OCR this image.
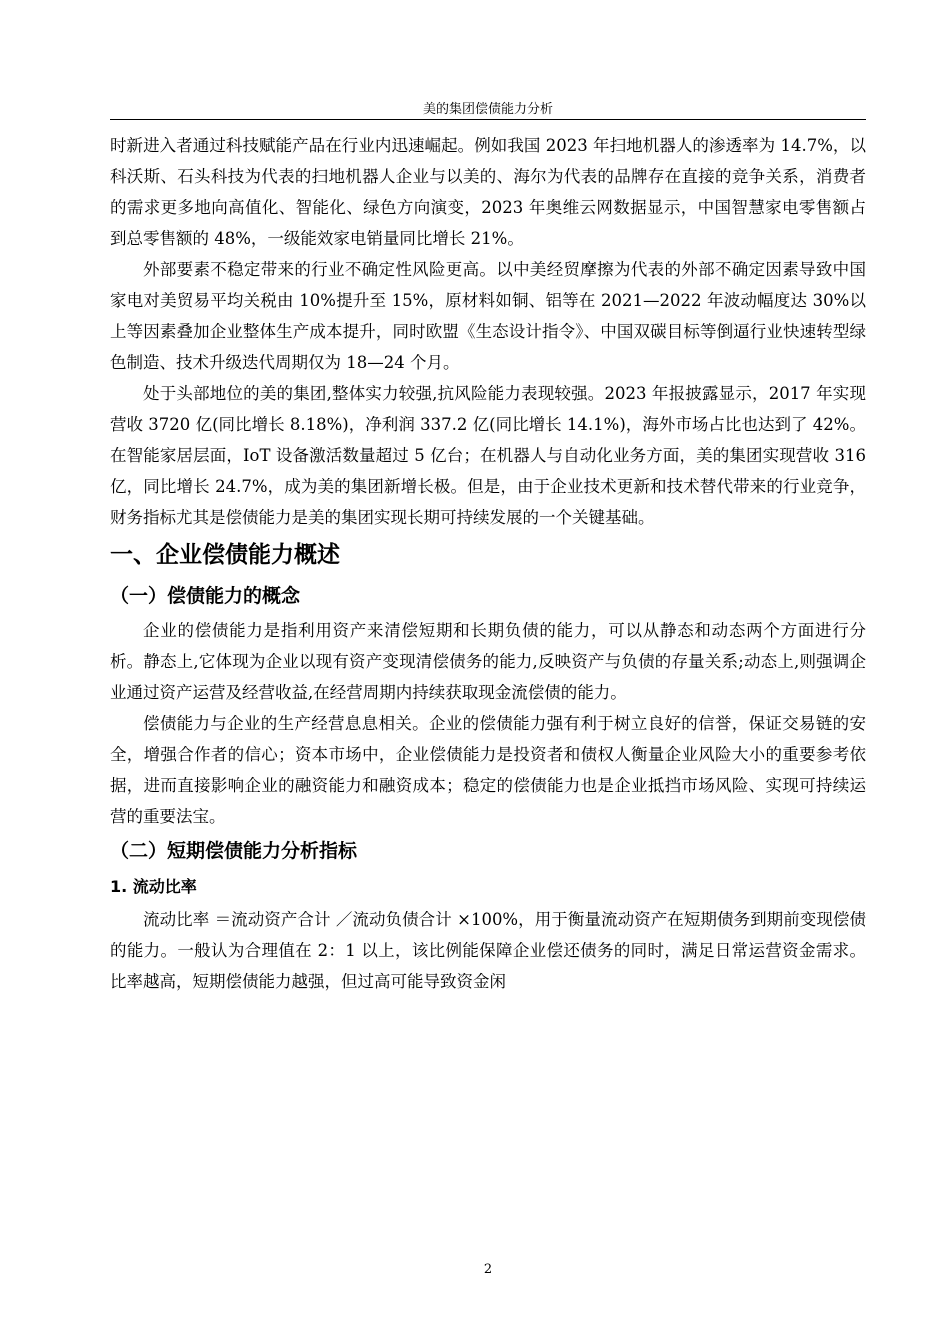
美的集团偿债能力分析

时新进入者通过科技赋能产品在行业内迅速崛起。例如我国 2023 年扫地机器人的渗透率为 14.7%，以科沃斯、石头科技为代表的扫地机器人企业与以美的、海尔为代表的品牌存在直接的竞争关系，消费者的需求更多地向高值化、智能化、绿色方向演变，2023 年奥维云网数据显示，中国智慧家电零售额占到总零售额的 48%，一级能效家电销量同比增长 21%。

外部要素不稳定带来的行业不确定性风险更高。以中美经贸摩擦为代表的外部不确定因素导致中国家电对美贸易平均关税由 10%提升至 15%，原材料如铜、铝等在 2021—2022 年波动幅度达 30%以上等因素叠加企业整体生产成本提升，同时欧盟《生态设计指令》、中国双碳目标等倒逼行业快速转型绿色制造、技术升级迭代周期仅为 18—24 个月。

处于头部地位的美的集团,整体实力较强,抗风险能力表现较强。2023 年报披露显示，2017 年实现营收 3720 亿(同比增长 8.18%)，净利润 337.2 亿(同比增长 14.1%)，海外市场占比也达到了 42%。在智能家居层面，IoT 设备激活数量超过 5 亿台；在机器人与自动化业务方面，美的集团实现营收 316 亿，同比增长 24.7%，成为美的集团新增长极。但是，由于企业技术更新和技术替代带来的行业竞争，财务指标尤其是偿债能力是美的集团实现长期可持续发展的一个关键基础。

一、企业偿债能力概述
（一）偿债能力的概念

企业的偿债能力是指利用资产来清偿短期和长期负债的能力，可以从静态和动态两个方面进行分析。静态上,它体现为企业以现有资产变现清偿债务的能力,反映资产与负债的存量关系;动态上,则强调企业通过资产运营及经营收益,在经营周期内持续获取现金流偿债的能力。

偿债能力与企业的生产经营息息相关。企业的偿债能力强有利于树立良好的信誉，保证交易链的安全，增强合作者的信心；资本市场中，企业偿债能力是投资者和债权人衡量企业风险大小的重要参考依据，进而直接影响企业的融资能力和融资成本；稳定的偿债能力也是企业抵挡市场风险、实现可持续运营的重要法宝。

（二）短期偿债能力分析指标
1. 流动比率

流动比率 ＝流动资产合计 ／流动负债合计 ×100%，用于衡量流动资产在短期债务到期前变现偿债的能力。一般认为合理值在 2：1 以上，该比例能保障企业偿还债务的同时，满足日常运营资金需求。比率越高，短期偿债能力越强，但过高可能导致资金闲

2
